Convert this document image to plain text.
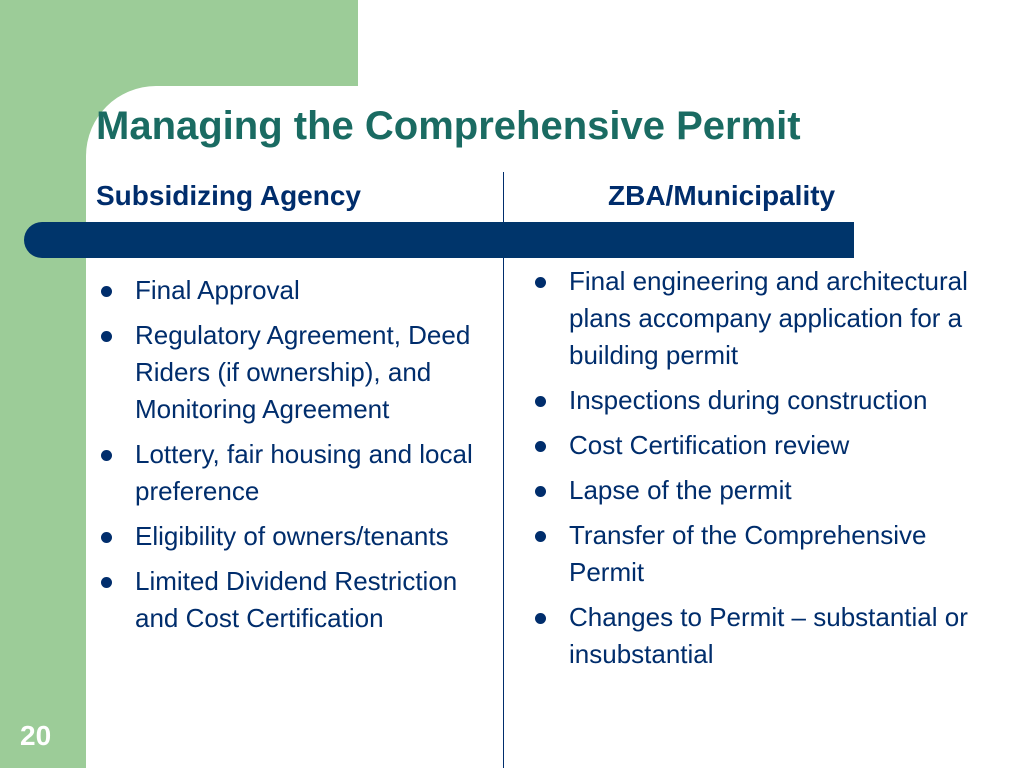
Managing the Comprehensive Permit
Subsidizing Agency	ZBA/Municipality
Final Approval
Regulatory Agreement, Deed Riders (if ownership), and Monitoring Agreement
Lottery, fair housing and local preference
Eligibility of owners/tenants
Limited Dividend Restriction and Cost Certification
Final engineering and architectural plans accompany application for a building permit
Inspections during construction
Cost Certification review
Lapse of the permit
Transfer of the Comprehensive Permit
Changes to Permit – substantial or insubstantial
20
